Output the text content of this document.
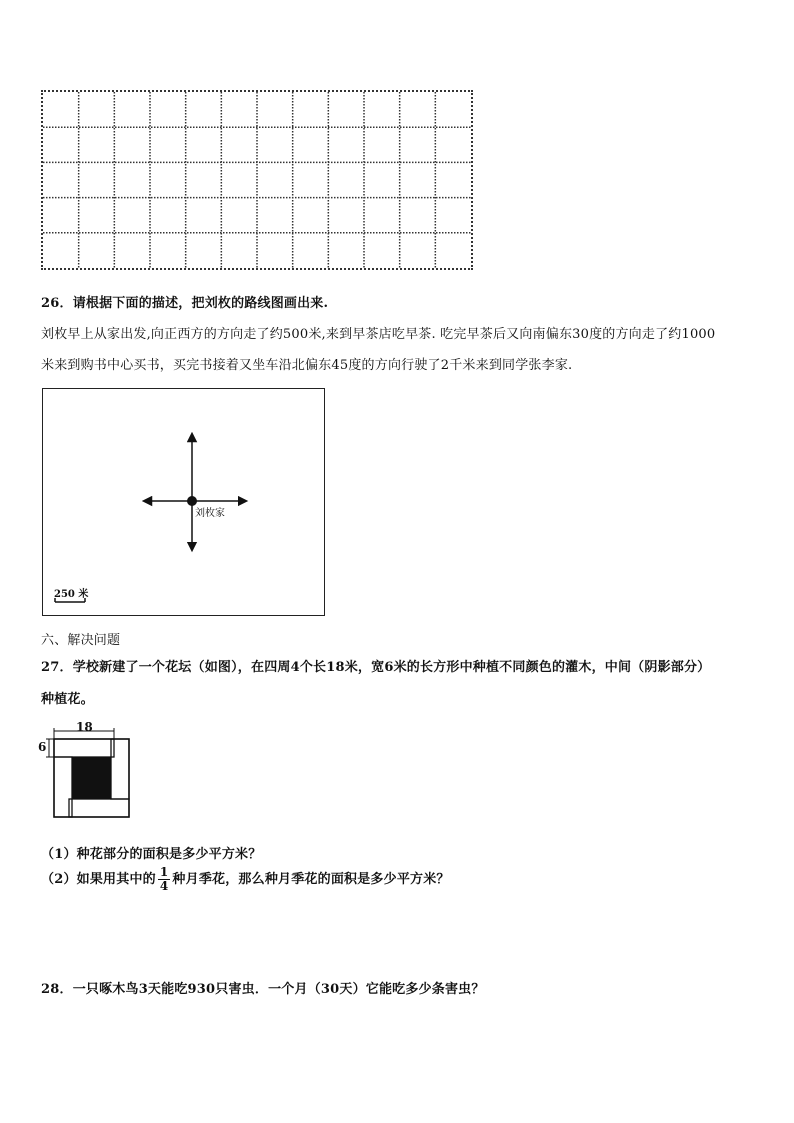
26．请根据下面的描述，把刘枚的路线图画出来.
刘枚早上从家出发,向正西方的方向走了约500米,来到早茶店吃早茶. 吃完早茶后又向南偏东30度的方向走了约1000
米来到购书中心买书，买完书接着又坐车沿北偏东45度的方向行驶了2千米来到同学张李家.
刘枚家
250 米
六、解决问题
27．学校新建了一个花坛（如图），在四周4个长18米，宽6米的长方形中种植不同颜色的灌木，中间（阴影部分）
种植花。
18
6
（1）种花部分的面积是多少平方米？
（2）如果用其中的 $\frac{1}{4}$ 种月季花，那么种月季花的面积是多少平方米？
28．一只啄木鸟3天能吃930只害虫．一个月（30天）它能吃多少条害虫？
